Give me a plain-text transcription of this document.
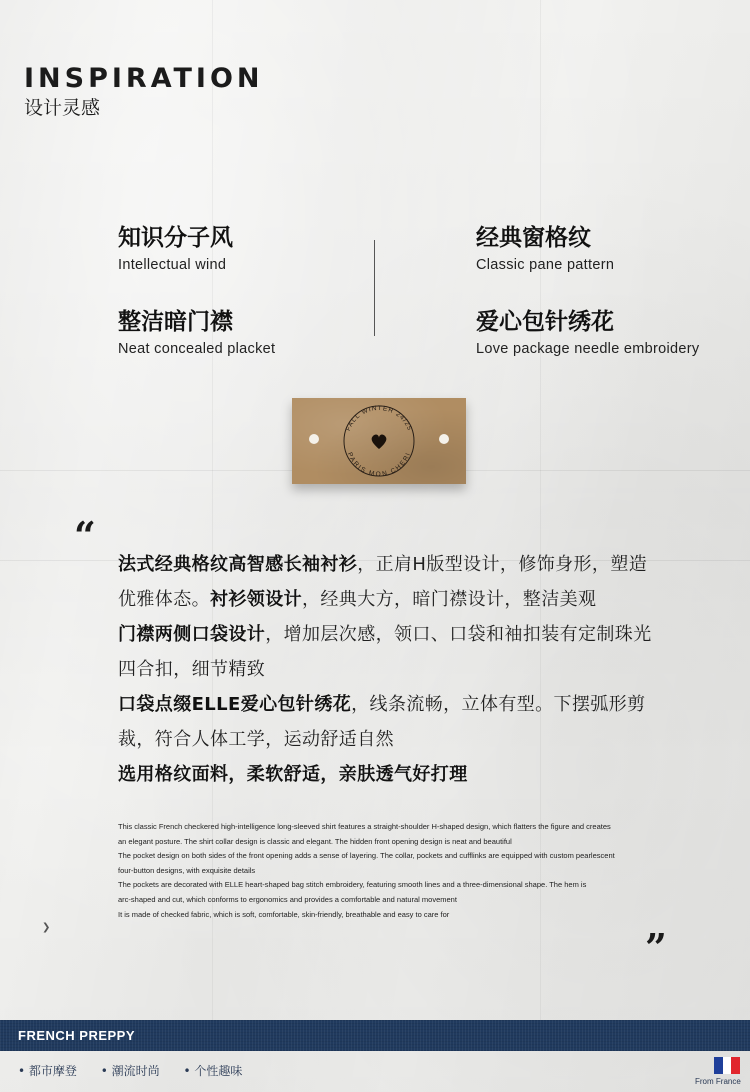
INSPIRATION
设计灵感
知识分子风
Intellectual wind
经典窗格纹
Classic pane pattern
整洁暗门襟
Neat concealed placket
爱心包针绣花
Love package needle embroidery
FALL WINTER 24/25
PARIS MON CHERI
“
法式经典格纹高智感长袖衬衫，正肩H版型设计，修饰身形，塑造
优雅体态。衬衫领设计，经典大方，暗门襟设计，整洁美观
门襟两侧口袋设计，增加层次感，领口、口袋和袖扣装有定制珠光
四合扣，细节精致
口袋点缀ELLE爱心包针绣花，线条流畅，立体有型。下摆弧形剪
裁，符合人体工学，运动舒适自然
选用格纹面料，柔软舒适，亲肤透气好打理
This classic French checkered high-intelligence long-sleeved shirt features a straight-shoulder H-shaped design, which flatters the figure and creates
an elegant posture. The shirt collar design is classic and elegant. The hidden front opening design is neat and beautiful
The pocket design on both sides of the front opening adds a sense of layering. The collar, pockets and cufflinks are equipped with custom pearlescent
four-button designs, with exquisite details
The pockets are decorated with ELLE heart-shaped bag stitch embroidery, featuring smooth lines and a three-dimensional shape. The hem is
arc-shaped and cut, which conforms to ergonomics and provides a comfortable and natural movement
It is made of checked fabric, which is soft, comfortable, skin-friendly, breathable and easy to care for
❯	”
FRENCH PREPPY
• 都市摩登 • 潮流时尚 • 个性趣味
From France
